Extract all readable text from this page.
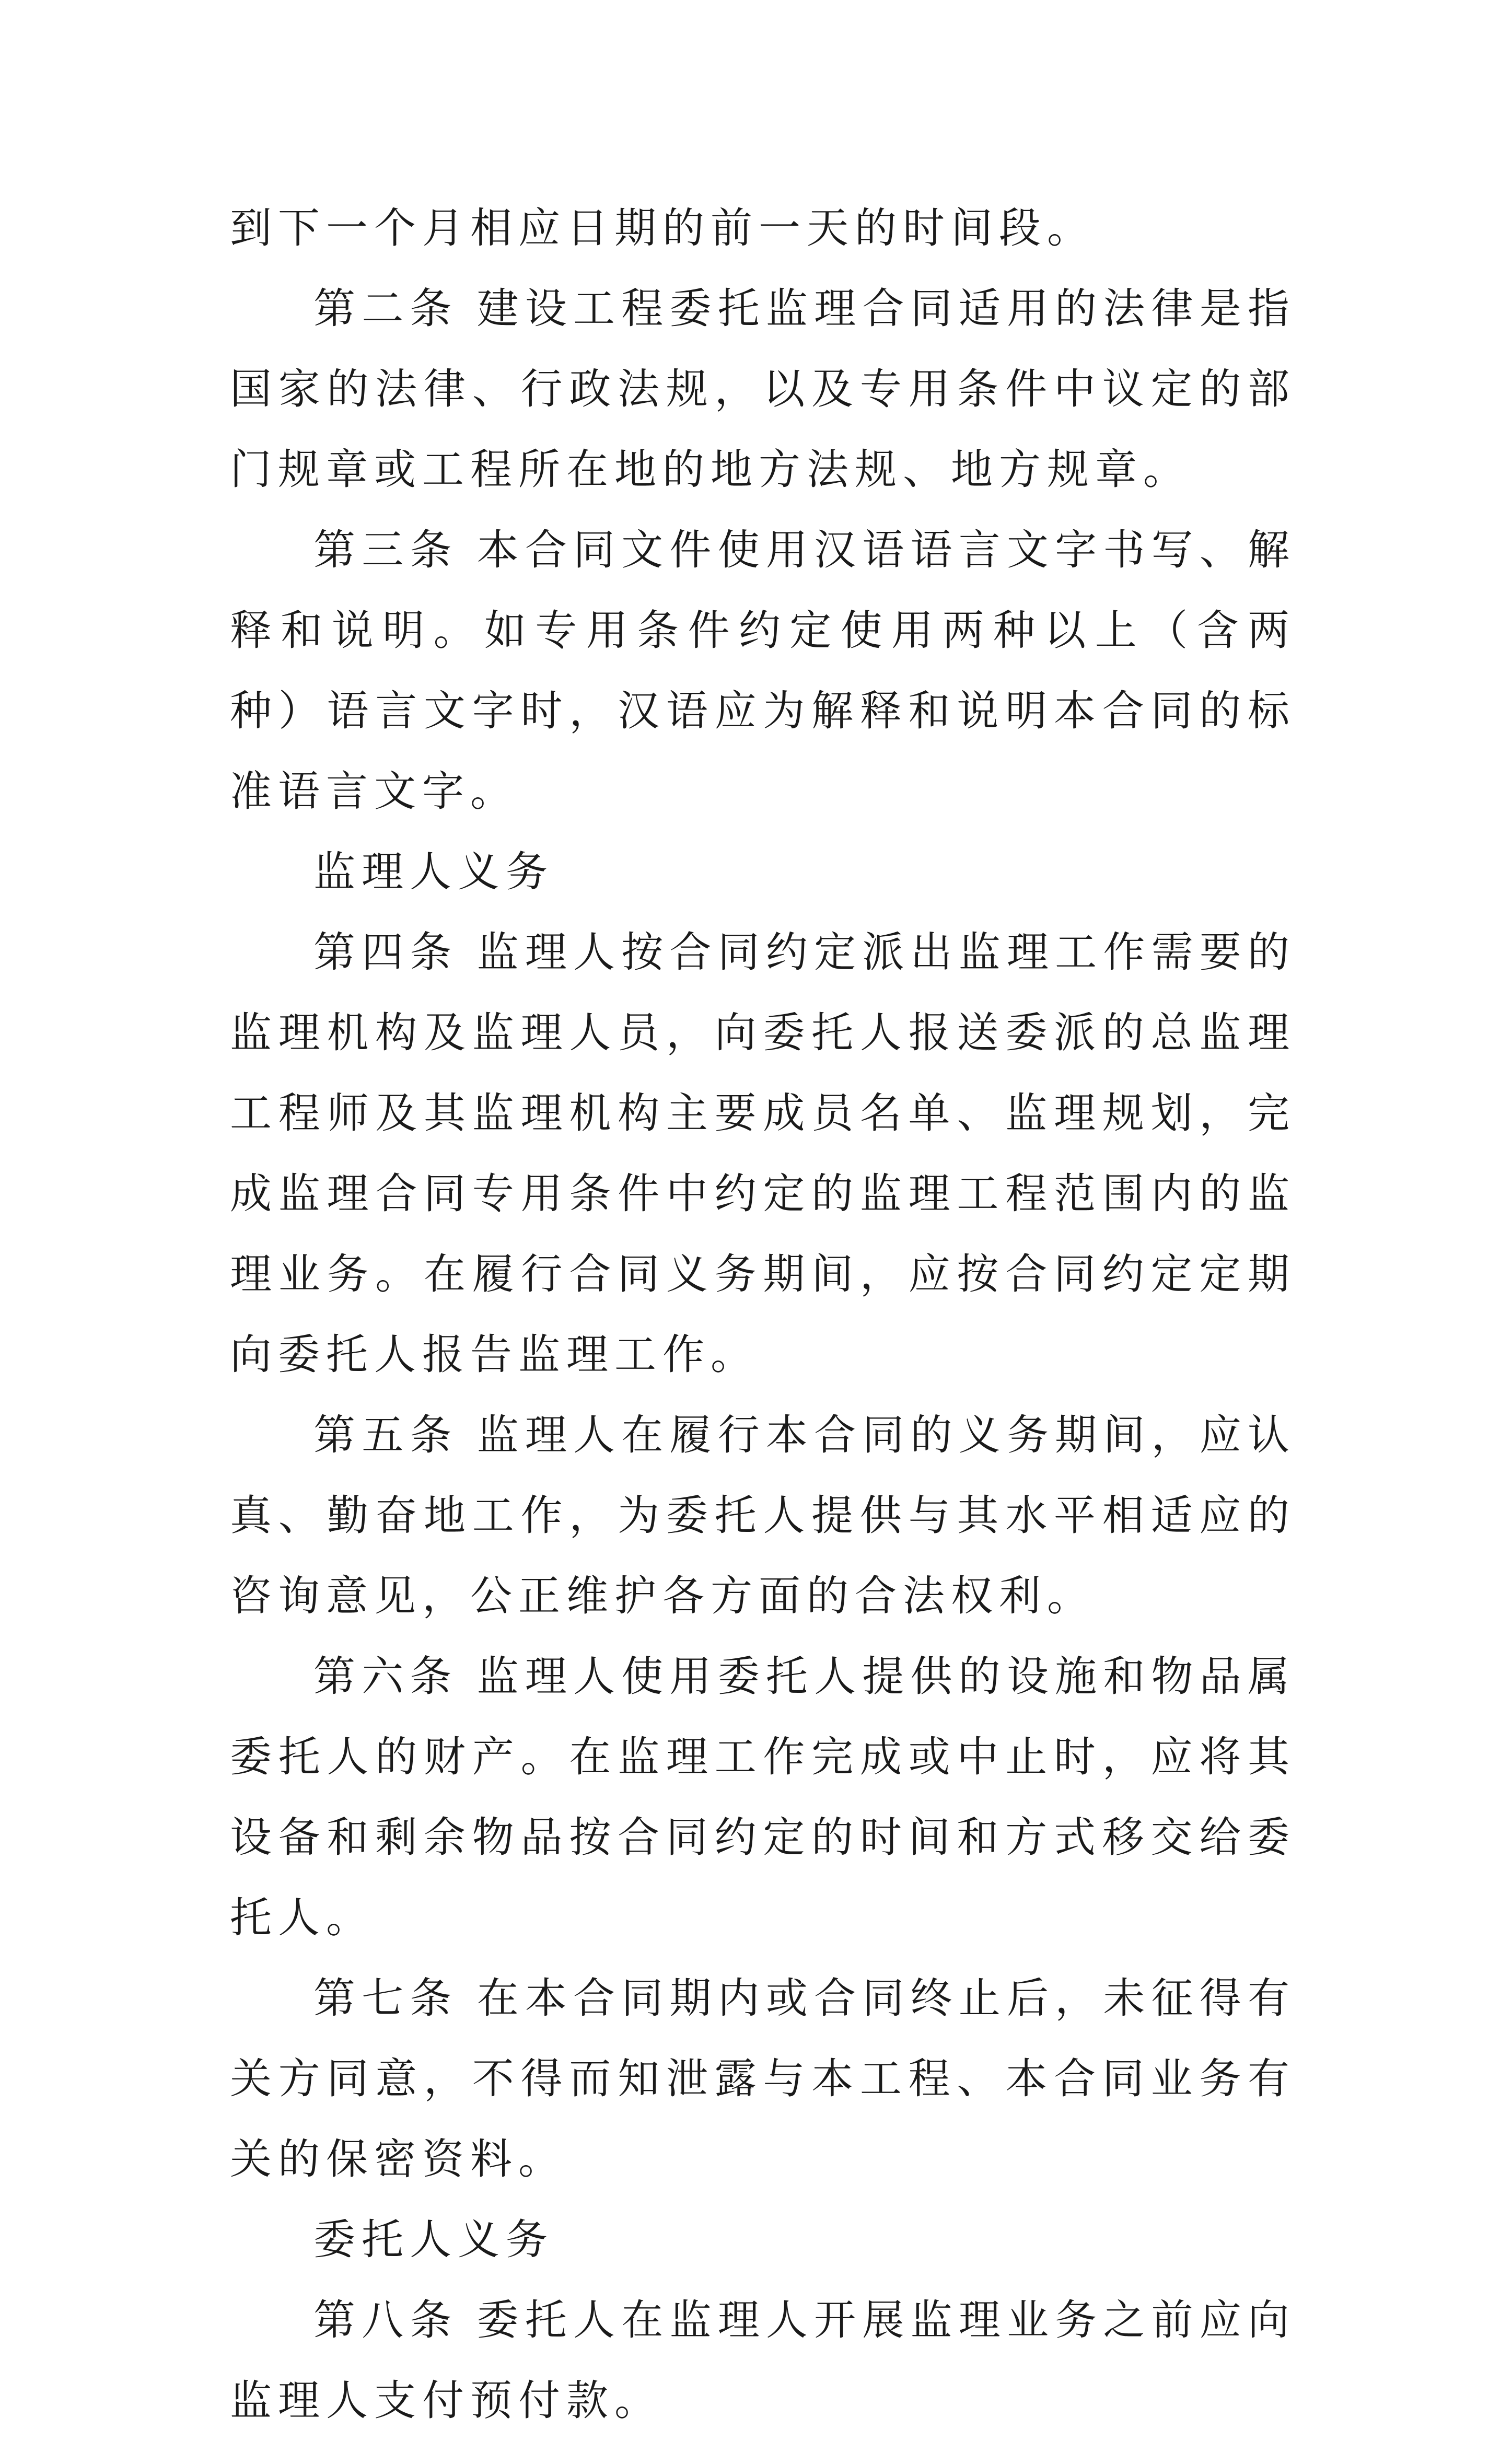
到下一个月相应日期的前一天的时间段。

第二条 建设工程委托监理合同适用的法律是指国家的法律、行政法规，以及专用条件中议定的部门规章或工程所在地的地方法规、地方规章。

第三条 本合同文件使用汉语语言文字书写、解释和说明。如专用条件约定使用两种以上（含两种）语言文字时，汉语应为解释和说明本合同的标准语言文字。

监理人义务

第四条 监理人按合同约定派出监理工作需要的监理机构及监理人员，向委托人报送委派的总监理工程师及其监理机构主要成员名单、监理规划，完成监理合同专用条件中约定的监理工程范围内的监理业务。在履行合同义务期间，应按合同约定定期向委托人报告监理工作。

第五条 监理人在履行本合同的义务期间，应认真、勤奋地工作，为委托人提供与其水平相适应的咨询意见，公正维护各方面的合法权利。

第六条 监理人使用委托人提供的设施和物品属委托人的财产。在监理工作完成或中止时，应将其设备和剩余物品按合同约定的时间和方式移交给委托人。

第七条 在本合同期内或合同终止后，未征得有关方同意，不得而知泄露与本工程、本合同业务有关的保密资料。

委托人义务

第八条 委托人在监理人开展监理业务之前应向监理人支付预付款。
